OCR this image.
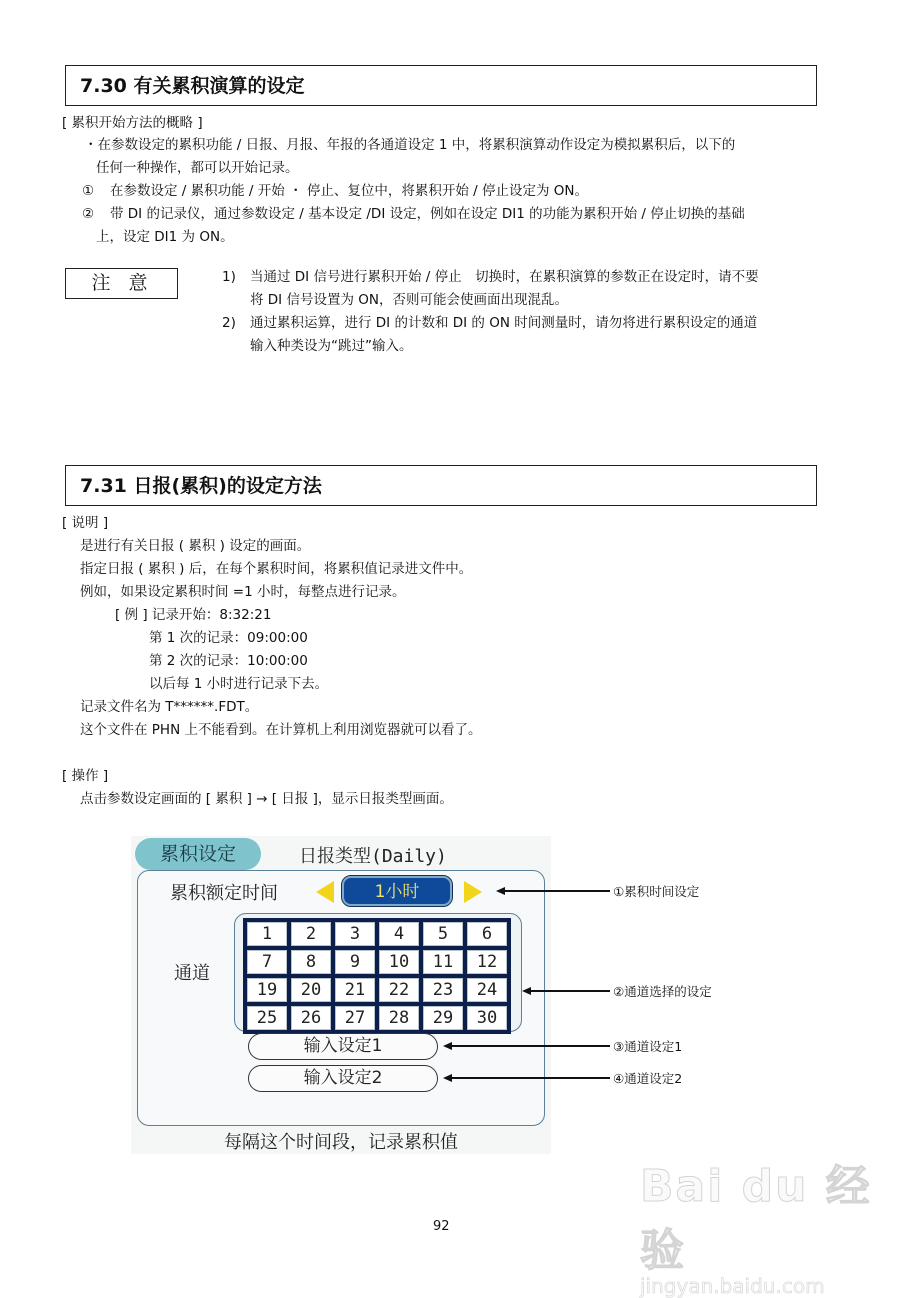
7.30 有关累积演算的设定
[ 累积开始方法的概略 ]
・在参数设定的累积功能 / 日报、月报、年报的各通道设定 1 中，将累积演算动作设定为模拟累积后，以下的
任何一种操作，都可以开始记录。
① 在参数设定 / 累积功能 / 开始 ・ 停止、复位中，将累积开始 / 停止设定为 ON。
② 带 DI 的记录仪，通过参数设定 / 基本设定 /DI 设定，例如在设定 DI1 的功能为累积开始 / 停止切换的基础
上，设定 DI1 为 ON。
注意	1) 当通过 DI 信号进行累积开始 / 停止　切换时，在累积演算的参数正在设定时，请不要
将 DI 信号设置为 ON，否则可能会使画面出现混乱。
2) 通过累积运算，进行 DI 的计数和 DI 的 ON 时间测量时，请勿将进行累积设定的通道
输入种类设为“跳过”输入。
7.31 日报(累积)的设定方法
[ 说明 ]
是进行有关日报 ( 累积 ) 设定的画面。
指定日报 ( 累积 ) 后，在每个累积时间，将累积值记录进文件中。
例如，如果设定累积时间 =1 小时，每整点进行记录。
[ 例 ] 记录开始：8:32:21
第 1 次的记录：09:00:00
第 2 次的记录：10:00:00
以后每 1 小时进行记录下去。
记录文件名为 T******.FDT。
这个文件在 PHN 上不能看到。在计算机上利用浏览器就可以看了。
[ 操作 ]
点击参数设定画面的 [ 累积 ] → [ 日报 ]，显示日报类型画面。
累积设定	日报类型(Daily)
累积额定时间	1小时
通道
1	2	3	4	5	6
7	8	9	10	11	12
19	20	21	22	23	24
25	26	27	28	29	30
输入设定1
输入设定2
每隔这个时间段，记录累积值
①累积时间设定
②通道选择的设定
③通道设定1
④通道设定2
Bai du 经验
jingyan.baidu.com
92
